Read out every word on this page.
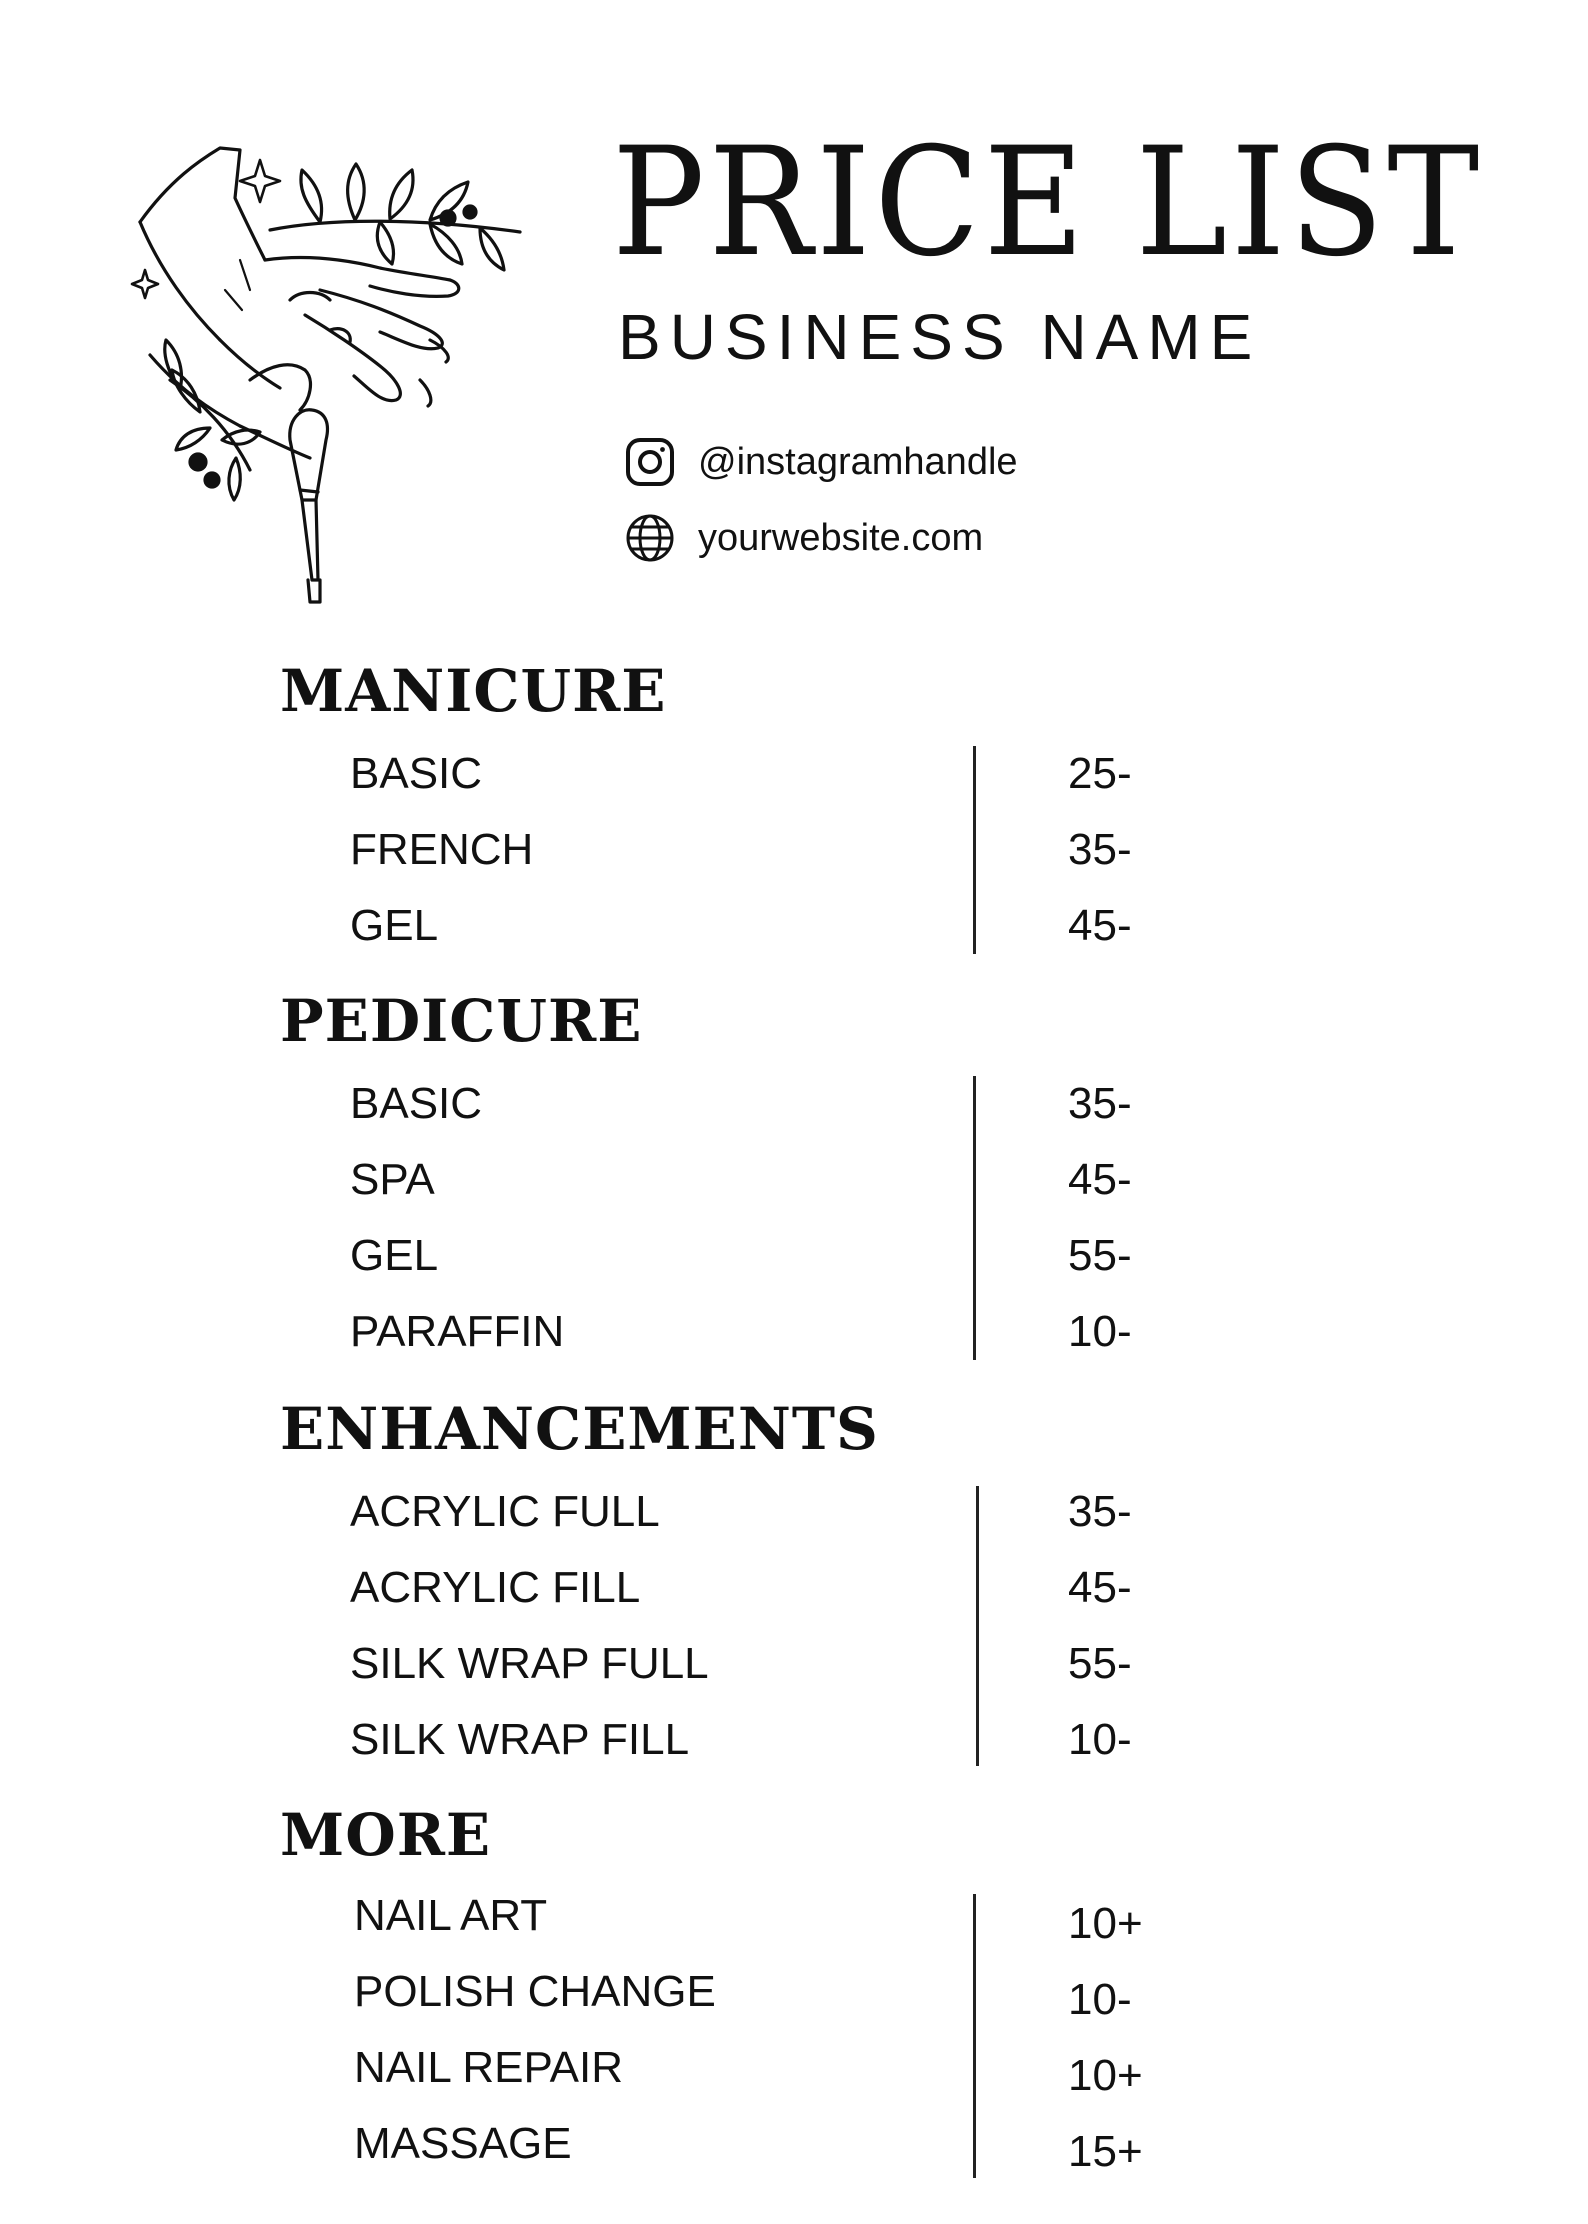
PRICE LIST
BUSINESS NAME
@instagramhandle
yourwebsite.com
MANICURE
BASIC	25-
FRENCH	35-
GEL	45-
PEDICURE
BASIC	35-
SPA	45-
GEL	55-
PARAFFIN	10-
ENHANCEMENTS
ACRYLIC FULL	35-
ACRYLIC FILL	45-
SILK WRAP FULL	55-
SILK WRAP FILL	10-
MORE
NAIL ART	10+
POLISH CHANGE	10-
NAIL REPAIR	10+
MASSAGE	15+
